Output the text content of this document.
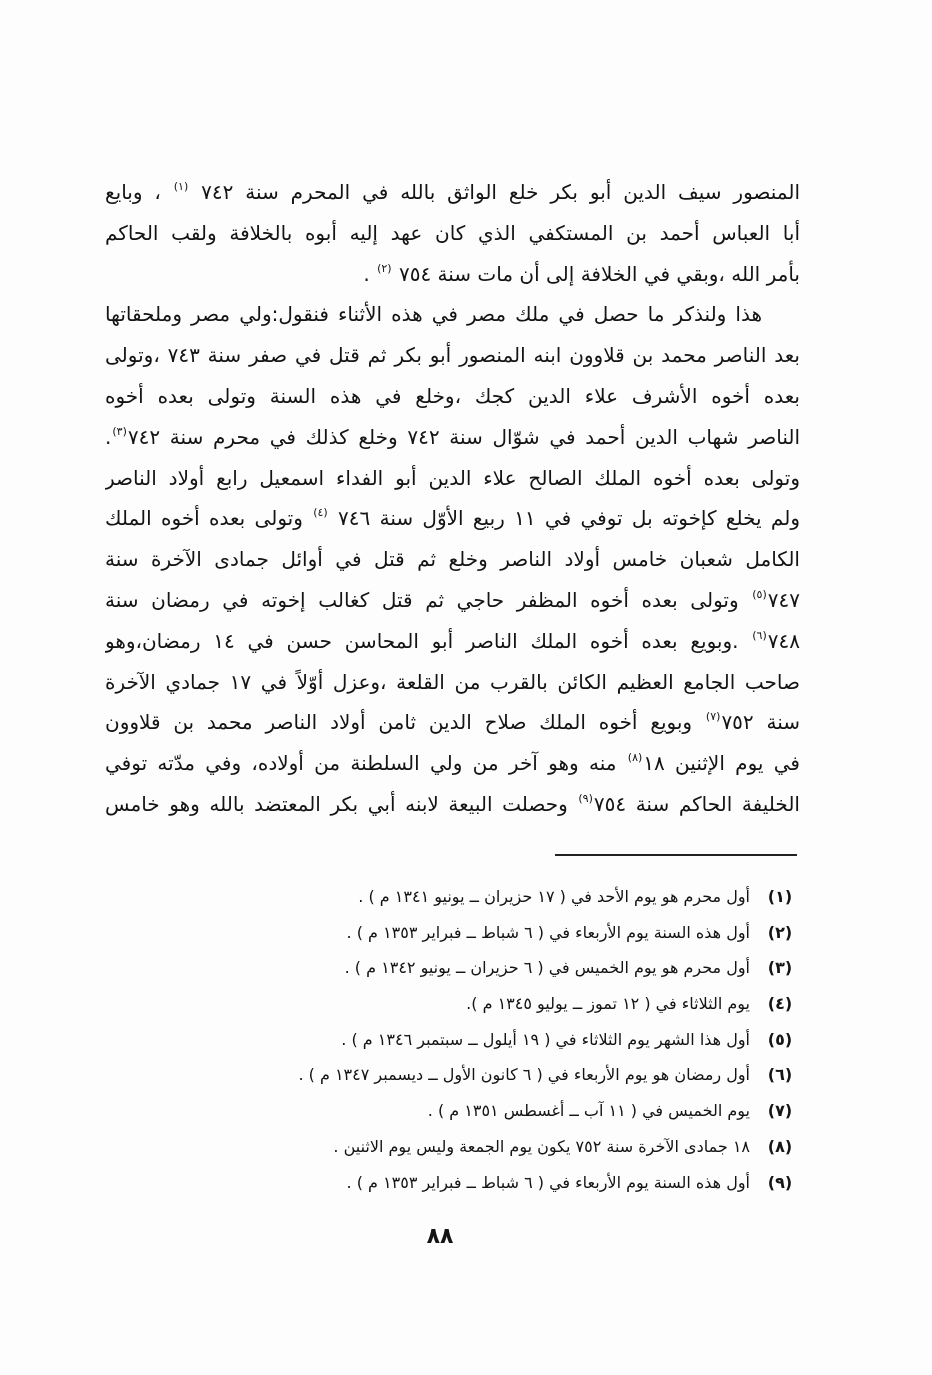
المنصور سيف الدين أبو بكر خلع الواثق بالله في المحرم سنة ٧٤٢ $^{(١)}$ ، وبايع
أبا العباس أحمد بن المستكفي الذي كان عهد إليه أبوه بالخلافة ولقب الحاكم
بأمر الله ،وبقي في الخلافة إلى أن مات سنة ٧٥٤ $^{(٢)}$ .
هذا ولنذكر ما حصل في ملك مصر في هذه الأثناء فنقول:ولي مصر وملحقاتها
بعد الناصر محمد بن قلاوون ابنه المنصور أبو بكر ثم قتل في صفر سنة ٧٤٣ ،وتولى
بعده أخوه الأشرف علاء الدين كجك ،وخلع في هذه السنة وتولى بعده أخوه
الناصر شهاب الدين أحمد في شوّال سنة ٧٤٢ وخلع كذلك في محرم سنة ٧٤٢$^{(٣)}$.
وتولى بعده أخوه الملك الصالح علاء الدين أبو الفداء اسمعيل رابع أولاد الناصر
ولم يخلع كإخوته بل توفي في ١١ ربيع الأوّل سنة ٧٤٦ $^{(٤)}$ وتولى بعده أخوه الملك
الكامل شعبان خامس أولاد الناصر وخلع ثم قتل في أوائل جمادى الآخرة سنة
٧٤٧$^{(٥)}$ وتولى بعده أخوه المظفر حاجي ثم قتل كغالب إخوته في رمضان سنة
٧٤٨$^{(٦)}$ .وبويع بعده أخوه الملك الناصر أبو المحاسن حسن في ١٤ رمضان،وهو
صاحب الجامع العظيم الكائن بالقرب من القلعة ،وعزل أوّلاً في ١٧ جمادي الآخرة
سنة ٧٥٢$^{(٧)}$ وبويع أخوه الملك صلاح الدين ثامن أولاد الناصر محمد بن قلاوون
في يوم الإثنين ١٨$^{(٨)}$ منه وهو آخر من ولي السلطنة من أولاده، وفي مدّته توفي
الخليفة الحاكم سنة ٧٥٤$^{(٩)}$ وحصلت البيعة لابنه أبي بكر المعتضد بالله وهو خامس
(١)
أول محرم هو يوم الأحد في ( ١٧ حزيران ــ يونيو ١٣٤١ م ) .
(٢)
أول هذه السنة يوم الأربعاء في ( ٦ شباط ــ فبراير ١٣٥٣ م ) .
(٣)
أول محرم هو يوم الخميس في ( ٦ حزيران ــ يونيو ١٣٤٢ م ) .
(٤)
يوم الثلاثاء في ( ١٢ تموز ــ يوليو ١٣٤٥ م ).
(٥)
أول هذا الشهر يوم الثلاثاء في ( ١٩ أيلول ــ سبتمبر ١٣٤٦ م ) .
(٦)
أول رمضان هو يوم الأربعاء في ( ٦ كانون الأول ــ ديسمبر ١٣٤٧ م ) .
(٧)
يوم الخميس في ( ١١ آب ــ أغسطس ١٣٥١ م ) .
(٨)
١٨ جمادى الآخرة سنة ٧٥٢ يكون يوم الجمعة وليس يوم الاثنين .
(٩)
أول هذه السنة يوم الأربعاء في ( ٦ شباط ــ فبراير ١٣٥٣ م ) .
٨٨
